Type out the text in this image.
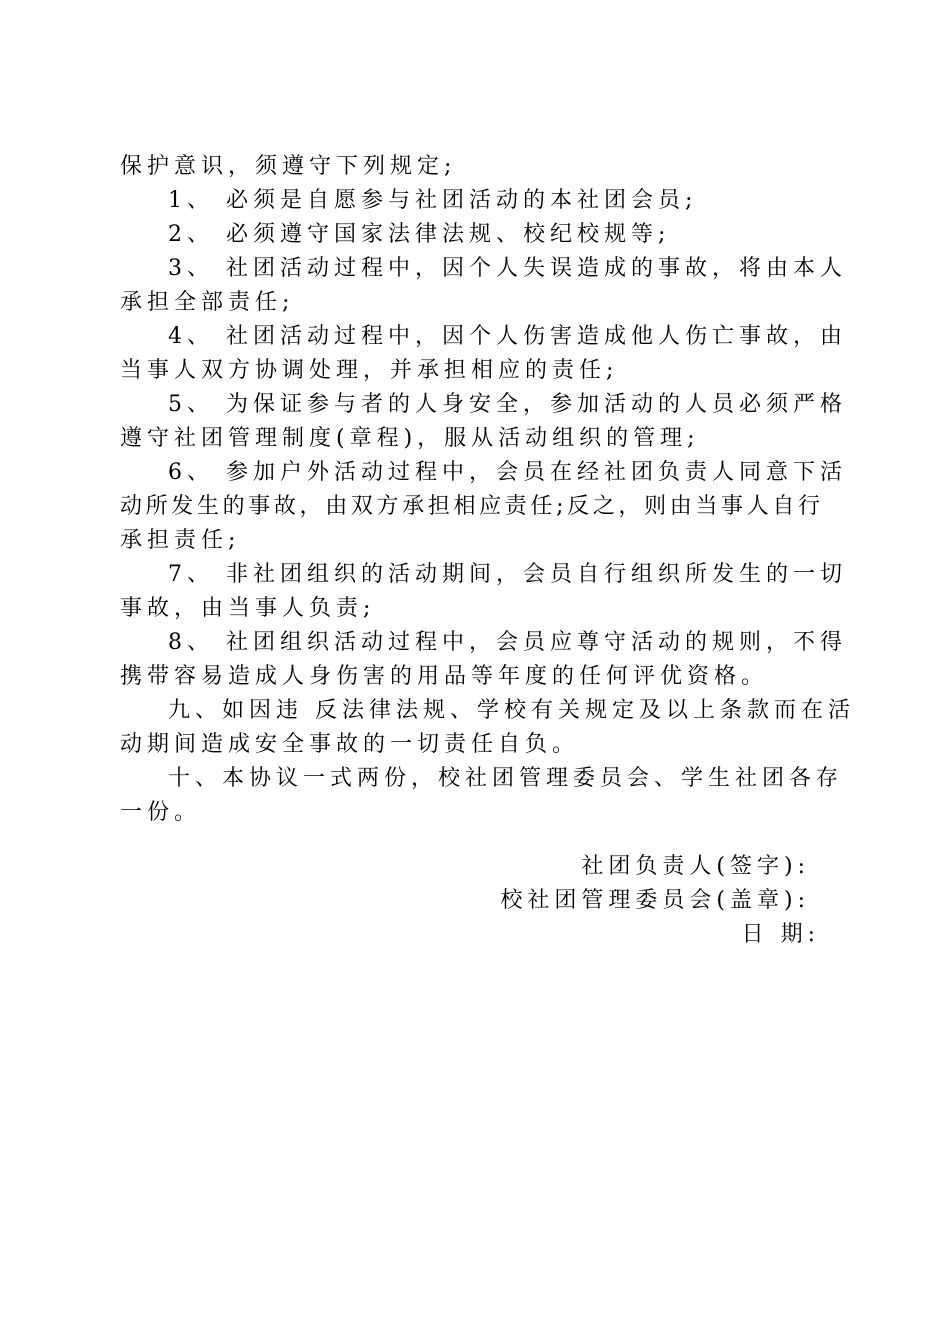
保护意识，须遵守下列规定;
1、 必须是自愿参与社团活动的本社团会员;
2、 必须遵守国家法律法规、校纪校规等;
3、 社团活动过程中，因个人失误造成的事故，将由本人
承担全部责任;
4、 社团活动过程中，因个人伤害造成他人伤亡事故，由
当事人双方协调处理，并承担相应的责任;
5、 为保证参与者的人身安全，参加活动的人员必须严格
遵守社团管理制度(章程)，服从活动组织的管理;
6、 参加户外活动过程中，会员在经社团负责人同意下活
动所发生的事故，由双方承担相应责任;反之，则由当事人自行
承担责任;
7、 非社团组织的活动期间，会员自行组织所发生的一切
事故，由当事人负责;
8、 社团组织活动过程中，会员应尊守活动的规则，不得
携带容易造成人身伤害的用品等年度的任何评优资格。
九、如因违 反法律法规、学校有关规定及以上条款而在活
动期间造成安全事故的一切责任自负。
十、本协议一式两份，校社团管理委员会、学生社团各存
一份。
社团负责人(签字):
校社团管理委员会(盖章):
日 期:
